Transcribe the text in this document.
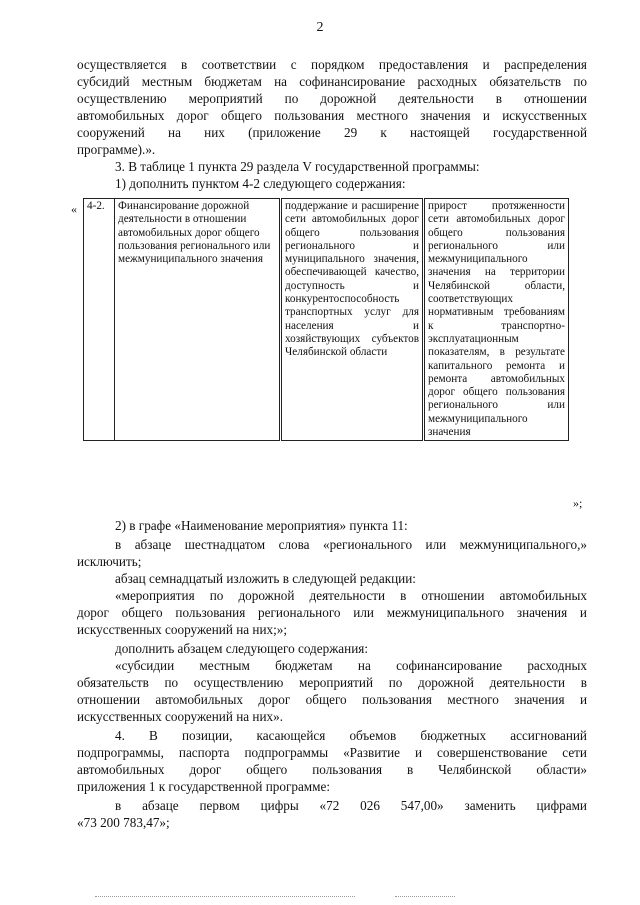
2

осуществляется в соответствии с порядком предоставления и распределения

субсидий местным бюджетам на софинансирование расходных обязательств по

осуществлению мероприятий по дорожной деятельности в отношении

автомобильных дорог общего пользования местного значения и искусственных

сооружений на них (приложение 29 к настоящей государственной

программе).».

3. В таблице 1 пункта 29 раздела V государственной программы:

1) дополнить пунктом 4-2 следующего содержания:

« 4-2.	Финансирование дорожной деятельности в отношении автомобильных дорог общего пользования регионального или межмуниципального значения	поддержание и расширение сети автомобильных дорог общего пользования регионального и муниципального значения, обеспечивающей качество, доступность и конкурентоспособность транспортных услуг для населения и хозяйствующих субъектов Челябинской области	прирост протяженности сети автомобильных дорог общего пользования регионального или межмуниципального значения на территории Челябинской области, соответствующих нормативным требованиям к транспортно-эксплуатационным показателям, в результате капитального ремонта и ремонта автомобильных дорог общего пользования регионального или межмуниципального значения
»;

2) в графе «Наименование мероприятия» пункта 11:

в абзаце шестнадцатом слова «регионального или межмуниципального,»

исключить;

абзац семнадцатый изложить в следующей редакции:

«мероприятия по дорожной деятельности в отношении автомобильных

дорог общего пользования регионального или межмуниципального значения и

искусственных сооружений на них;»;

дополнить абзацем следующего содержания:

«субсидии местным бюджетам на софинансирование расходных

обязательств по осуществлению мероприятий по дорожной деятельности в

отношении автомобильных дорог общего пользования местного значения и

искусственных сооружений на них».

4. В позиции, касающейся объемов бюджетных ассигнований

подпрограммы, паспорта подпрограммы «Развитие и совершенствование сети

автомобильных дорог общего пользования в Челябинской области»

приложения 1 к государственной программе:

в абзаце первом цифры «72 026 547,00» заменить цифрами

«73 200 783,47»;
